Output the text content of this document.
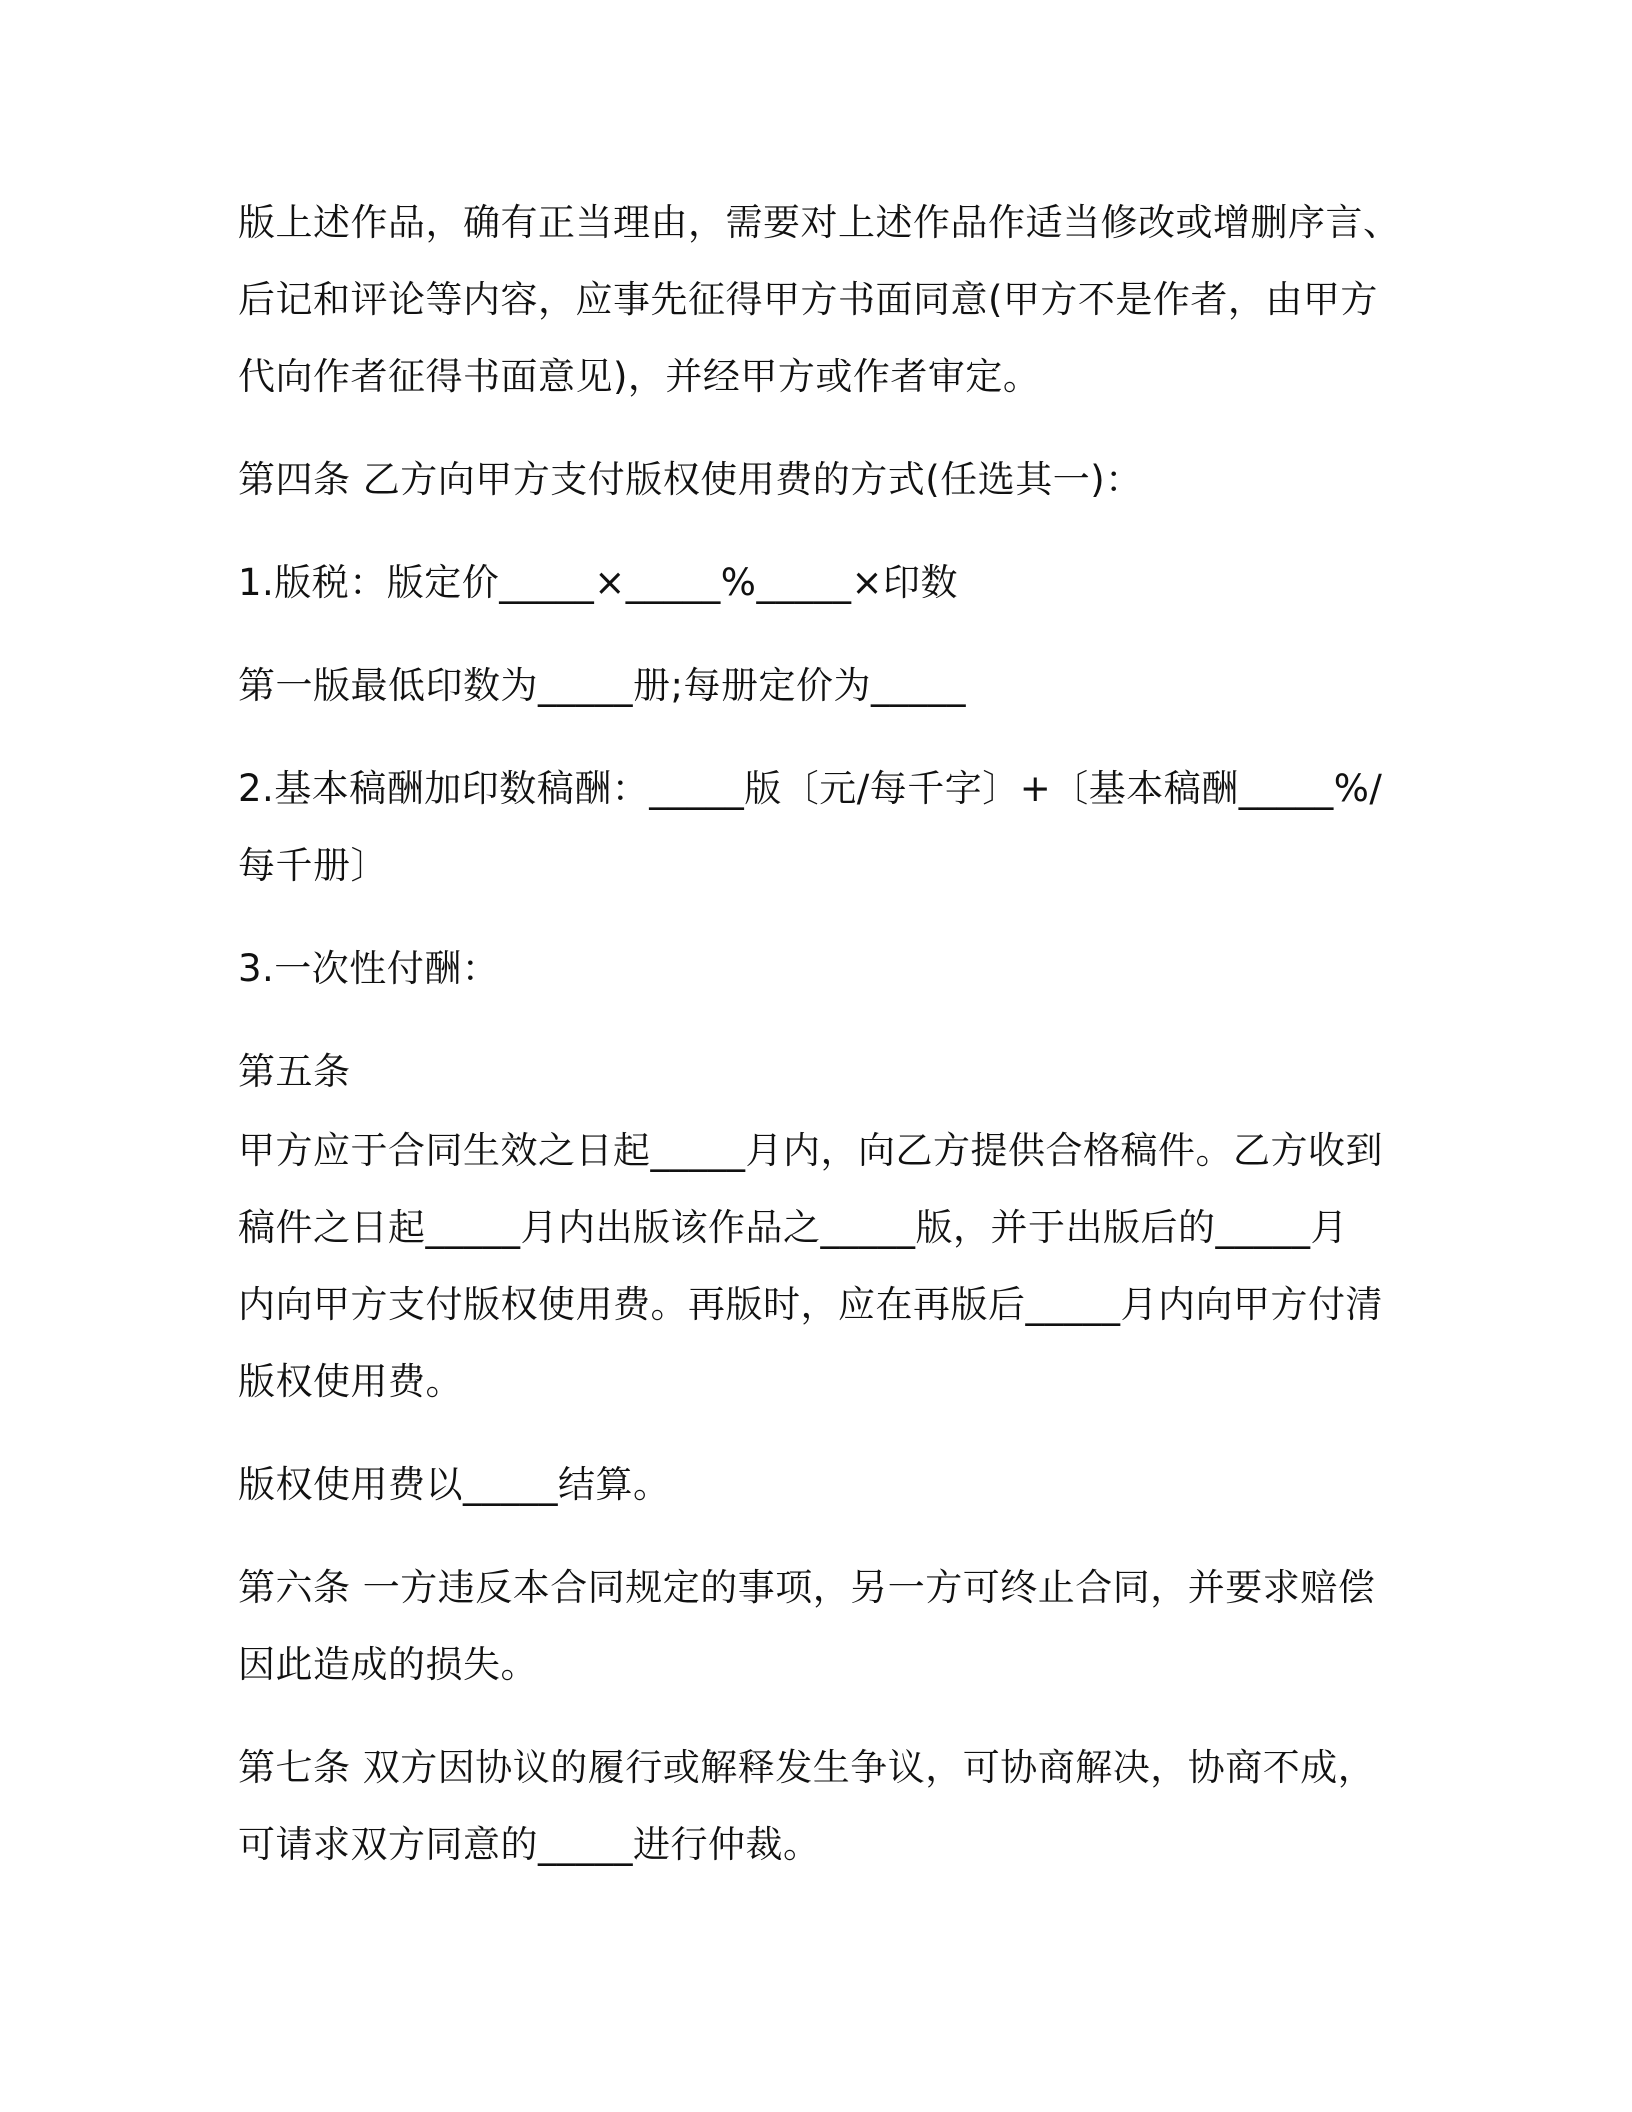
版上述作品，确有正当理由，需要对上述作品作适当修改或增删序言、
后记和评论等内容，应事先征得甲方书面同意(甲方不是作者，由甲方
代向作者征得书面意见)，并经甲方或作者审定。

第四条 乙方向甲方支付版权使用费的方式(任选其一)：

1.版税：版定价_____×_____%_____×印数

第一版最低印数为_____册;每册定价为_____

2.基本稿酬加印数稿酬：_____版〔元/每千字〕+〔基本稿酬_____%/
每千册〕

3.一次性付酬：

第五条

甲方应于合同生效之日起_____月内，向乙方提供合格稿件。乙方收到
稿件之日起_____月内出版该作品之_____版，并于出版后的_____月
内向甲方支付版权使用费。再版时，应在再版后_____月内向甲方付清
版权使用费。

版权使用费以_____结算。

第六条 一方违反本合同规定的事项，另一方可终止合同，并要求赔偿
因此造成的损失。

第七条 双方因协议的履行或解释发生争议，可协商解决，协商不成，
可请求双方同意的_____进行仲裁。
